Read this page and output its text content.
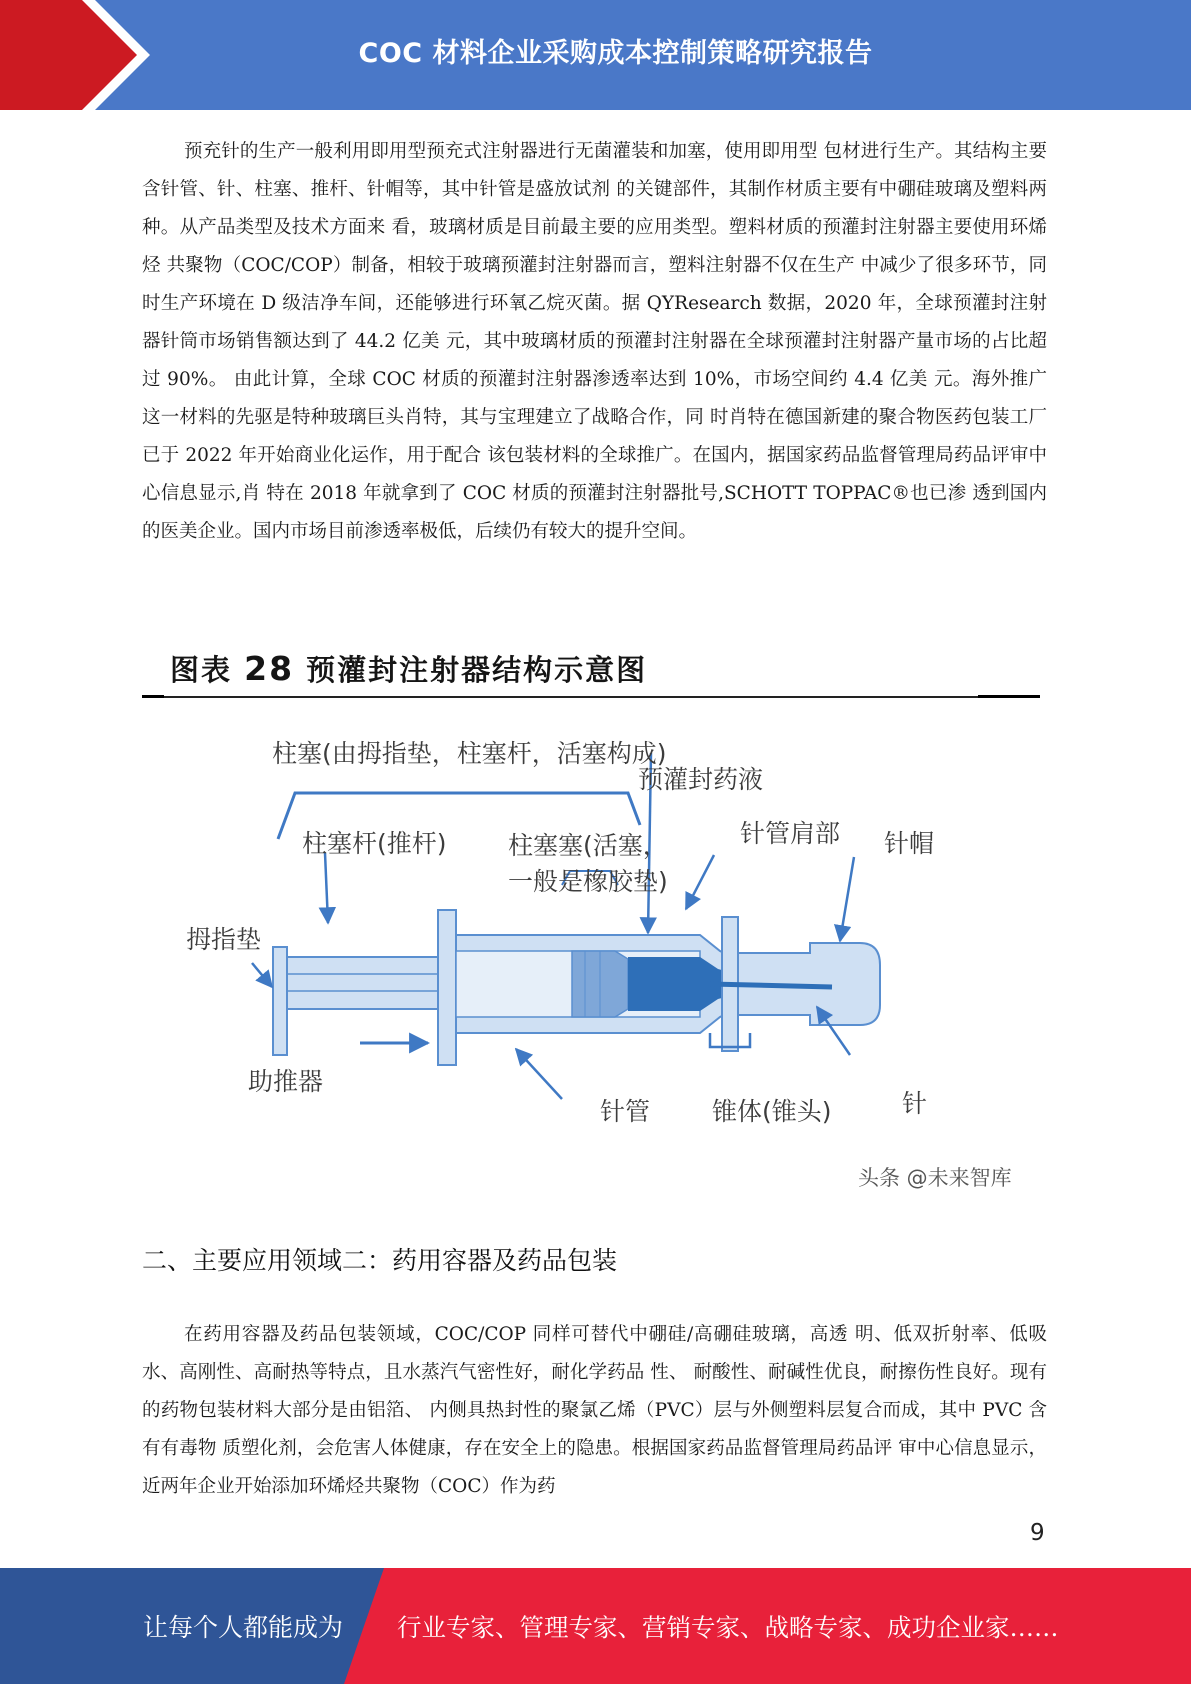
COC 材料企业采购成本控制策略研究报告

预充针的生产一般利用即用型预充式注射器进行无菌灌装和加塞，使用即用型 包材进行生产。其结构主要含针管、针、柱塞、推杆、针帽等，其中针管是盛放试剂 的关键部件，其制作材质主要有中硼硅玻璃及塑料两种。从产品类型及技术方面来 看，玻璃材质是目前最主要的应用类型。塑料材质的预灌封注射器主要使用环烯烃 共聚物（COC/COP）制备，相较于玻璃预灌封注射器而言，塑料注射器不仅在生产 中减少了很多环节，同时生产环境在 D 级洁净车间，还能够进行环氧乙烷灭菌。据 QYResearch 数据，2020 年，全球预灌封注射器针筒市场销售额达到了 44.2 亿美 元，其中玻璃材质的预灌封注射器在全球预灌封注射器产量市场的占比超过 90%。 由此计算，全球 COC 材质的预灌封注射器渗透率达到 10%，市场空间约 4.4 亿美 元。海外推广这一材料的先驱是特种玻璃巨头肖特，其与宝理建立了战略合作，同 时肖特在德国新建的聚合物医药包装工厂已于 2022 年开始商业化运作，用于配合 该包装材料的全球推广。在国内，据国家药品监督管理局药品评审中心信息显示,肖 特在 2018 年就拿到了 COC 材质的预灌封注射器批号,SCHOTT TOPPAC®也已渗 透到国内的医美企业。国内市场目前渗透率极低，后续仍有较大的提升空间。

图表 28 预灌封注射器结构示意图
柱塞(由拇指垫，柱塞杆，活塞构成)
预灌封药液
柱塞杆(推杆) 柱塞塞(活塞，
一般是橡胶垫)
针管肩部 针帽
拇指垫
助推器
针管 锥体(锥头)	针
头条 @未来智库
二、主要应用领域二：药用容器及药品包装

在药用容器及药品包装领域，COC/COP 同样可替代中硼硅/高硼硅玻璃，高透 明、低双折射率、低吸水、高刚性、高耐热等特点，且水蒸汽气密性好，耐化学药品 性、 耐酸性、耐碱性优良，耐擦伤性良好。现有的药物包装材料大部分是由铝箔、 内侧具热封性的聚氯乙烯（PVC）层与外侧塑料层复合而成，其中 PVC 含有有毒物 质塑化剂，会危害人体健康，存在安全上的隐患。根据国家药品监督管理局药品评 审中心信息显示，近两年企业开始添加环烯烃共聚物（COC）作为药

9
让每个人都能成为 行业专家、管理专家、营销专家、战略专家、成功企业家……
